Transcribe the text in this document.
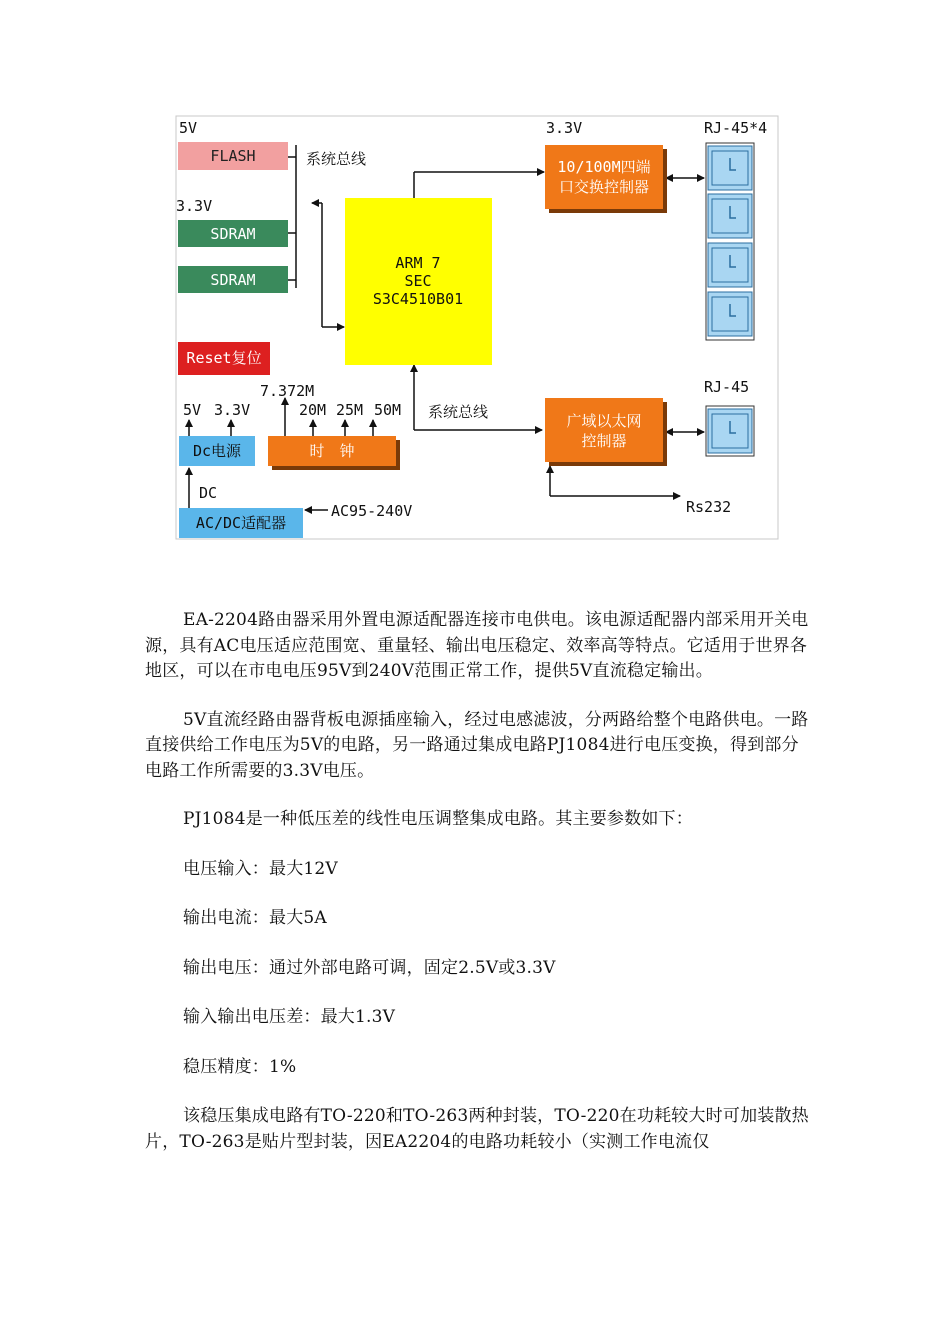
FLASH
SDRAM
SDRAM
Reset复位
ARM 7
SEC
S3C4510B01
10/100M四端
口交换控制器
广域以太网
控制器
Dc电源	时　钟
AC/DC适配器
5V
系统总线
3.3V
3.3V	RJ-45*4
RJ-45
系统总线
Rs232
7.372M
5V 3.3V	20M 25M 50M
DC
AC95-240V

EA-2204路由器采用外置电源适配器连接市电供电。该电源适配器内部采用开关电源，具有AC电压适应范围宽、重量轻、输出电压稳定、效率高等特点。它适用于世界各地区，可以在市电电压95V到240V范围正常工作，提供5V直流稳定输出。

5V直流经路由器背板电源插座输入，经过电感滤波，分两路给整个电路供电。一路直接供给工作电压为5V的电路，另一路通过集成电路PJ1084进行电压变换，得到部分电路工作所需要的3.3V电压。

PJ1084是一种低压差的线性电压调整集成电路。其主要参数如下：

电压输入：最大12V

输出电流：最大5A

输出电压：通过外部电路可调，固定2.5V或3.3V

输入输出电压差：最大1.3V

稳压精度：1%

该稳压集成电路有TO-220和TO-263两种封装，TO-220在功耗较大时可加装散热片，TO-263是贴片型封装，因EA2204的电路功耗较小（实测工作电流仅
